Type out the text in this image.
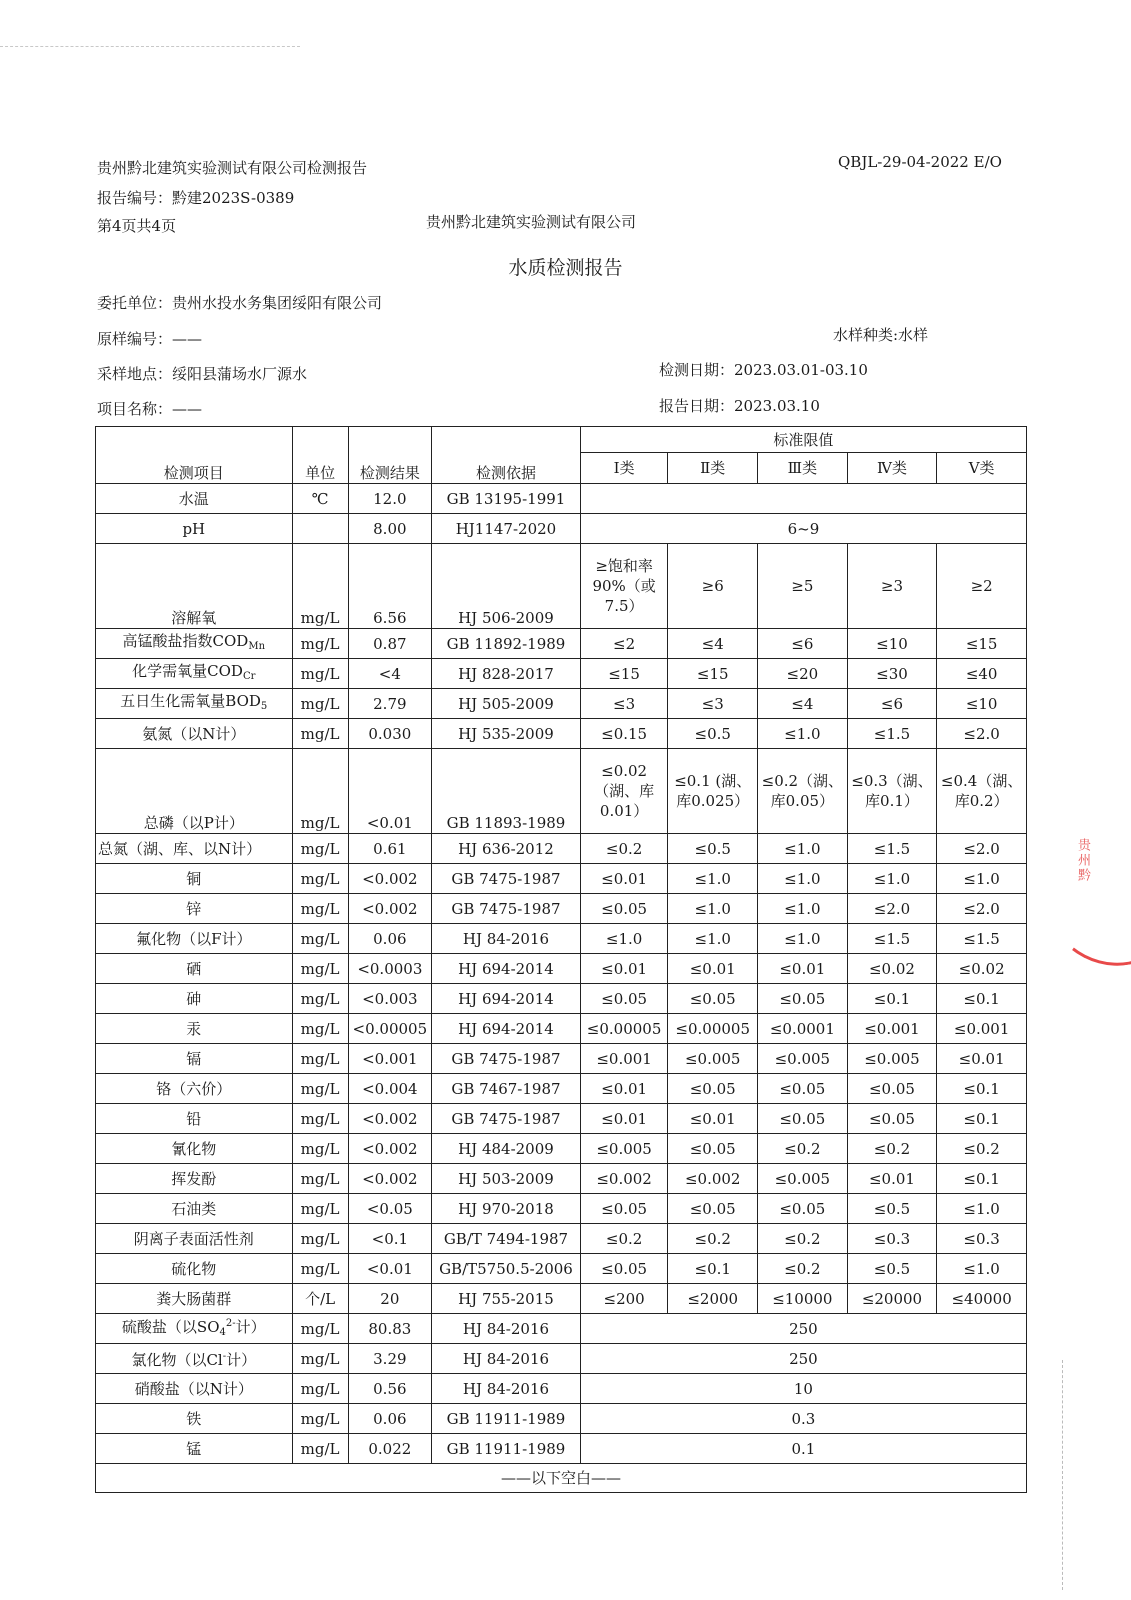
贵州黔北建筑实验测试有限公司检测报告	QBJL-29-04-2022 E/O
报告编号：黔建2023S-0389
第4页共4页	贵州黔北建筑实验测试有限公司
水质检测报告
委托单位：贵州水投水务集团绥阳有限公司
原样编号：——	水样种类:水样
采样地点：绥阳县蒲场水厂源水	检测日期：2023.03.01-03.10
项目名称：——	报告日期：2023.03.10
检测项目	单位	检测结果	检测依据	标准限值				
				Ⅰ类	Ⅱ类	Ⅲ类	Ⅳ类	Ⅴ类
水温	℃	12.0	GB 13195-1991					
pH		8.00	HJ1147-2020	6~9				
溶解氧	mg/L	6.56	HJ 506-2009	≥饱和率90%（或7.5）	≥6	≥5	≥3	≥2
高锰酸盐指数$COD_{Mn}$	mg/L	0.87	GB 11892-1989	≤2	≤4	≤6	≤10	≤15
化学需氧量$COD_{Cr}$	mg/L	<4	HJ 828-2017	≤15	≤15	≤20	≤30	≤40
五日生化需氧量$BOD_5$	mg/L	2.79	HJ 505-2009	≤3	≤3	≤4	≤6	≤10
氨氮（以N计）	mg/L	0.030	HJ 535-2009	≤0.15	≤0.5	≤1.0	≤1.5	≤2.0
总磷（以P计）	mg/L	<0.01	GB 11893-1989	≤0.02（湖、库0.01）	≤0.1 (湖、库0.025）	≤0.2（湖、库0.05）	≤0.3（湖、库0.1）	≤0.4（湖、库0.2）
总氮（湖、库、以N计）	mg/L	0.61	HJ 636-2012	≤0.2	≤0.5	≤1.0	≤1.5	≤2.0
铜	mg/L	<0.002	GB 7475-1987	≤0.01	≤1.0	≤1.0	≤1.0	≤1.0
锌	mg/L	<0.002	GB 7475-1987	≤0.05	≤1.0	≤1.0	≤2.0	≤2.0
氟化物（以F计）	mg/L	0.06	HJ 84-2016	≤1.0	≤1.0	≤1.0	≤1.5	≤1.5
硒	mg/L	<0.0003	HJ 694-2014	≤0.01	≤0.01	≤0.01	≤0.02	≤0.02
砷	mg/L	<0.003	HJ 694-2014	≤0.05	≤0.05	≤0.05	≤0.1	≤0.1
汞	mg/L	<0.00005	HJ 694-2014	≤0.00005	≤0.00005	≤0.0001	≤0.001	≤0.001
镉	mg/L	<0.001	GB 7475-1987	≤0.001	≤0.005	≤0.005	≤0.005	≤0.01
铬（六价）	mg/L	<0.004	GB 7467-1987	≤0.01	≤0.05	≤0.05	≤0.05	≤0.1
铅	mg/L	<0.002	GB 7475-1987	≤0.01	≤0.01	≤0.05	≤0.05	≤0.1
氰化物	mg/L	<0.002	HJ 484-2009	≤0.005	≤0.05	≤0.2	≤0.2	≤0.2
挥发酚	mg/L	<0.002	HJ 503-2009	≤0.002	≤0.002	≤0.005	≤0.01	≤0.1
石油类	mg/L	<0.05	HJ 970-2018	≤0.05	≤0.05	≤0.05	≤0.5	≤1.0
阴离子表面活性剂	mg/L	<0.1	GB/T 7494-1987	≤0.2	≤0.2	≤0.2	≤0.3	≤0.3
硫化物	mg/L	<0.01	GB/T5750.5-2006	≤0.05	≤0.1	≤0.2	≤0.5	≤1.0
粪大肠菌群	个/L	20	HJ 755-2015	≤200	≤2000	≤10000	≤20000	≤40000
硫酸盐（以$SO_4^{2-}$计）	mg/L	80.83	HJ 84-2016	250				
氯化物（以Cl-计）	mg/L	3.29	HJ 84-2016	250				
硝酸盐（以N计）	mg/L	0.56	HJ 84-2016	10				
铁	mg/L	0.06	GB 11911-1989	0.3				
锰	mg/L	0.022	GB 11911-1989	0.1				
——以下空白——								
贵州黔
